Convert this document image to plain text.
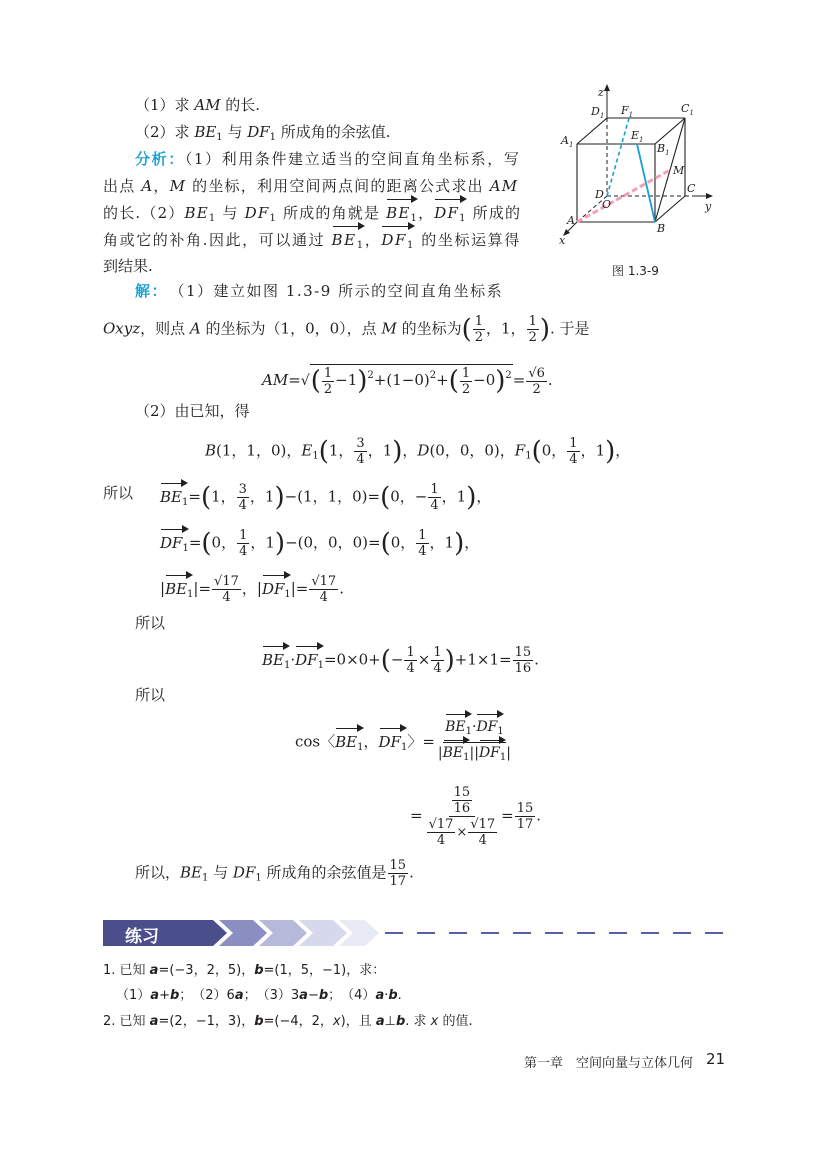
（1）求 AM 的长.
（2）求 $BE_1$ 与 $DF_1$ 所成角的余弦值.
分析：（1）利用条件建立适当的空间直角坐标系，写
出点 A，M 的坐标，利用空间两点间的距离公式求出 AM
的长$.(2)BE_1$ 与 $DF_1$ 所成的角就是 $BE_1$，$DF_1$ 所成的
角或它的补角.因此，可以通过 $BE_1$，$DF_1$ 的坐标运算得
到结果.
z
$D_1$ $F_1$	$C_1$
$A_1$
$E_1$
$B_1$
M
D
O
C
y
A
B
x
图 1.3-9
解：　（1）建立如图 1.3-9 所示的空间直角坐标系
Oxyz，则点 A 的坐标为（1，0，0），点 M 的坐标为( $\frac{1}{2}$ ，1， $\frac{1}{2}$ ). 于是
$AM=√( \frac{1}{2} -1)^2+(1-0)^2+( \frac{1}{2} -0)^2= \frac{√6}{2}$ .
（2）由已知，得
B(1，1，0)，$E_1(1$， $\frac{3}{4}$ ，1)，D(0，0，0)，$F_1(0$， $\frac{1}{4}$ ，1)，
所以 $BE_1=(1$， $\frac{3}{4}$ ，1)−(1，1，0)=(0，− $\frac{1}{4}$ ，1)，
$DF_1=(0$， $\frac{1}{4}$ ，1)−(0，0，0)=(0， $\frac{1}{4}$ ，1)，
$|BE_1|= \frac{√17}{4}$ ，$|DF_1|= \frac{√17}{4}$ .
所以
$BE_1\cdot DF_1=0\times 0+(- \frac{1}{4} \times \frac{1}{4} )+1\times 1= \frac{15}{16}$ .
所以
cos〈$BE_1$，$DF_1$〉= $\frac{BE_1\cdot DF_1}{|BE_1||DF_1|}$
= $\frac{\frac{15}{16}}{\frac{√17}{4} \times \frac{√17}{4}} = \frac{15}{17}$ .
所以，$BE_1$ 与 $DF_1$ 所成角的余弦值是 $\frac{15}{17}$ .
练习
1. 已知 a=(−3，2，5)，b=(1，5，−1)，求：
（1）a+b；　（2）6a；　（3）3a−b；　（4）a·b.
2. 已知 a=(2，−1，3)，b=(−4，2，x)，且 a⊥b. 求 x 的值.
第一章　空间向量与立体几何 21
